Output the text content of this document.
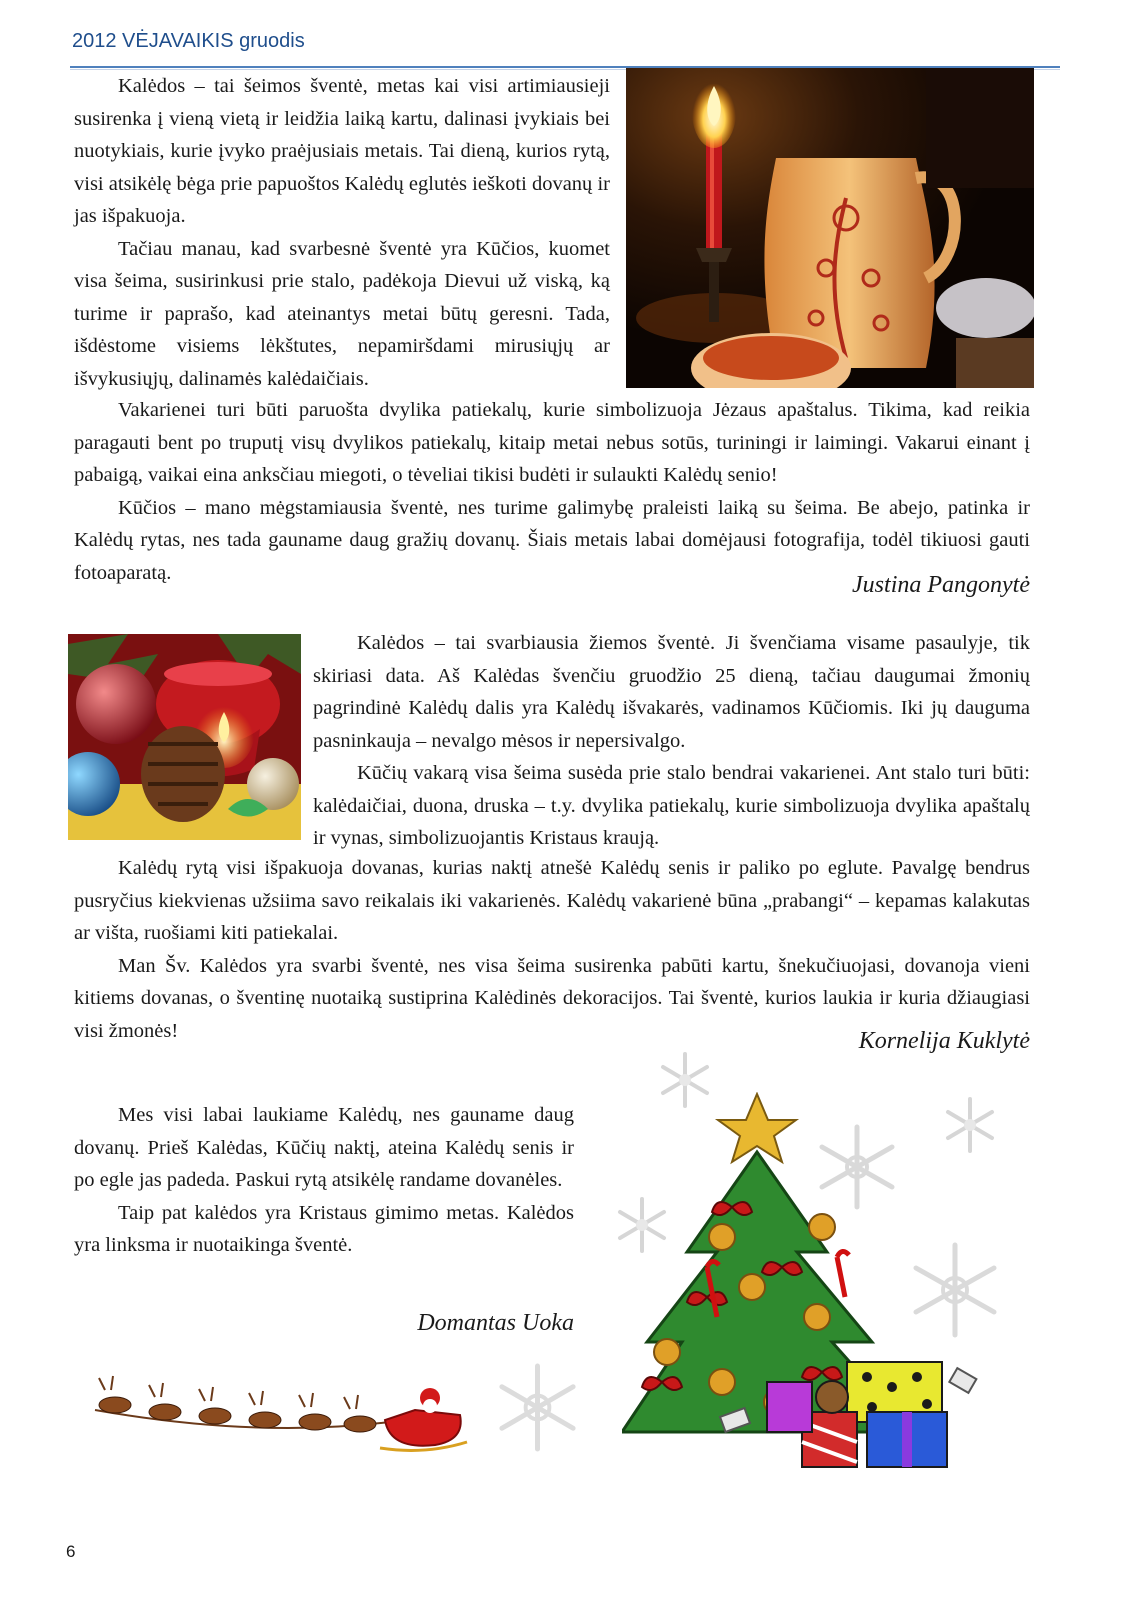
2012 VĖJAVAIKIS gruodis

Kalėdos – tai šeimos šventė, metas kai visi artimiausieji susirenka į vieną vietą ir leidžia laiką kartu, dalinasi įvykiais bei nuotykiais, kurie įvyko praėjusiais metais. Tai dieną, kurios rytą, visi atsikėlę bėga prie papuoštos Kalėdų eglutės ieškoti dovanų ir jas išpakuoja.

Tačiau manau, kad svarbesnė šventė yra Kūčios, kuomet visa šeima, susirinkusi prie stalo, padėkoja Dievui už viską, ką turime ir paprašo, kad ateinantys metai būtų geresni. Tada, išdėstome visiems lėkštutes, nepamiršdami mirusiųjų ar išvykusiųjų, dalinamės kalėdaičiais.

Vakarienei turi būti paruošta dvylika patiekalų, kurie simbolizuoja Jėzaus apaštalus. Tikima, kad reikia paragauti bent po truputį visų dvylikos patiekalų, kitaip metai nebus sotūs, turiningi ir laimingi. Vakarui einant į pabaigą, vaikai eina anksčiau miegoti, o tėveliai tikisi budėti ir sulaukti Kalėdų senio!

Kūčios – mano mėgstamiausia šventė, nes turime galimybę praleisti laiką su šeima. Be abejo, patinka ir Kalėdų rytas, nes tada gauname daug gražių dovanų. Šiais metais labai domėjausi fotografija, todėl tikiuosi gauti fotoaparatą.	Justina Pangonytė

Kalėdos – tai svarbiausia žiemos šventė. Ji švenčiama visame pasaulyje, tik skiriasi data. Aš Kalėdas švenčiu gruodžio 25 dieną, tačiau daugumai žmonių pagrindinė Kalėdų dalis yra Kalėdų išvakarės, vadinamos Kūčiomis. Iki jų dauguma pasninkauja – nevalgo mėsos ir nepersivalgo.

Kūčių vakarą visa šeima susėda prie stalo bendrai vakarienei. Ant stalo turi būti: kalėdaičiai, duona, druska – t.y. dvylika patiekalų, kurie simbolizuoja dvylika apaštalų ir vynas, simbolizuojantis Kristaus kraują.

Kalėdų rytą visi išpakuoja dovanas, kurias naktį atnešė Kalėdų senis ir paliko po eglute. Pavalgę bendrus pusryčius kiekvienas užsiima savo reikalais iki vakarienės. Kalėdų vakarienė būna „prabangi“ – kepamas kalakutas ar višta, ruošiami kiti patiekalai.

Man Šv. Kalėdos yra svarbi šventė, nes visa šeima susirenka pabūti kartu, šnekučiuojasi, dovanoja vieni kitiems dovanas, o šventinę nuotaiką sustiprina Kalėdinės dekoracijos. Tai šventė, kurios laukia ir kuria džiaugiasi visi žmonės!	Kornelija Kuklytė

Mes visi labai laukiame Kalėdų, nes gauname daug dovanų. Prieš Kalėdas, Kūčių naktį, ateina Kalėdų senis ir po egle jas padeda. Paskui rytą atsikėlę randame dovanėles.

Taip pat kalėdos yra Kristaus gimimo metas. Kalėdos yra linksma ir nuotaikinga šventė.

Domantas Uoka
6
